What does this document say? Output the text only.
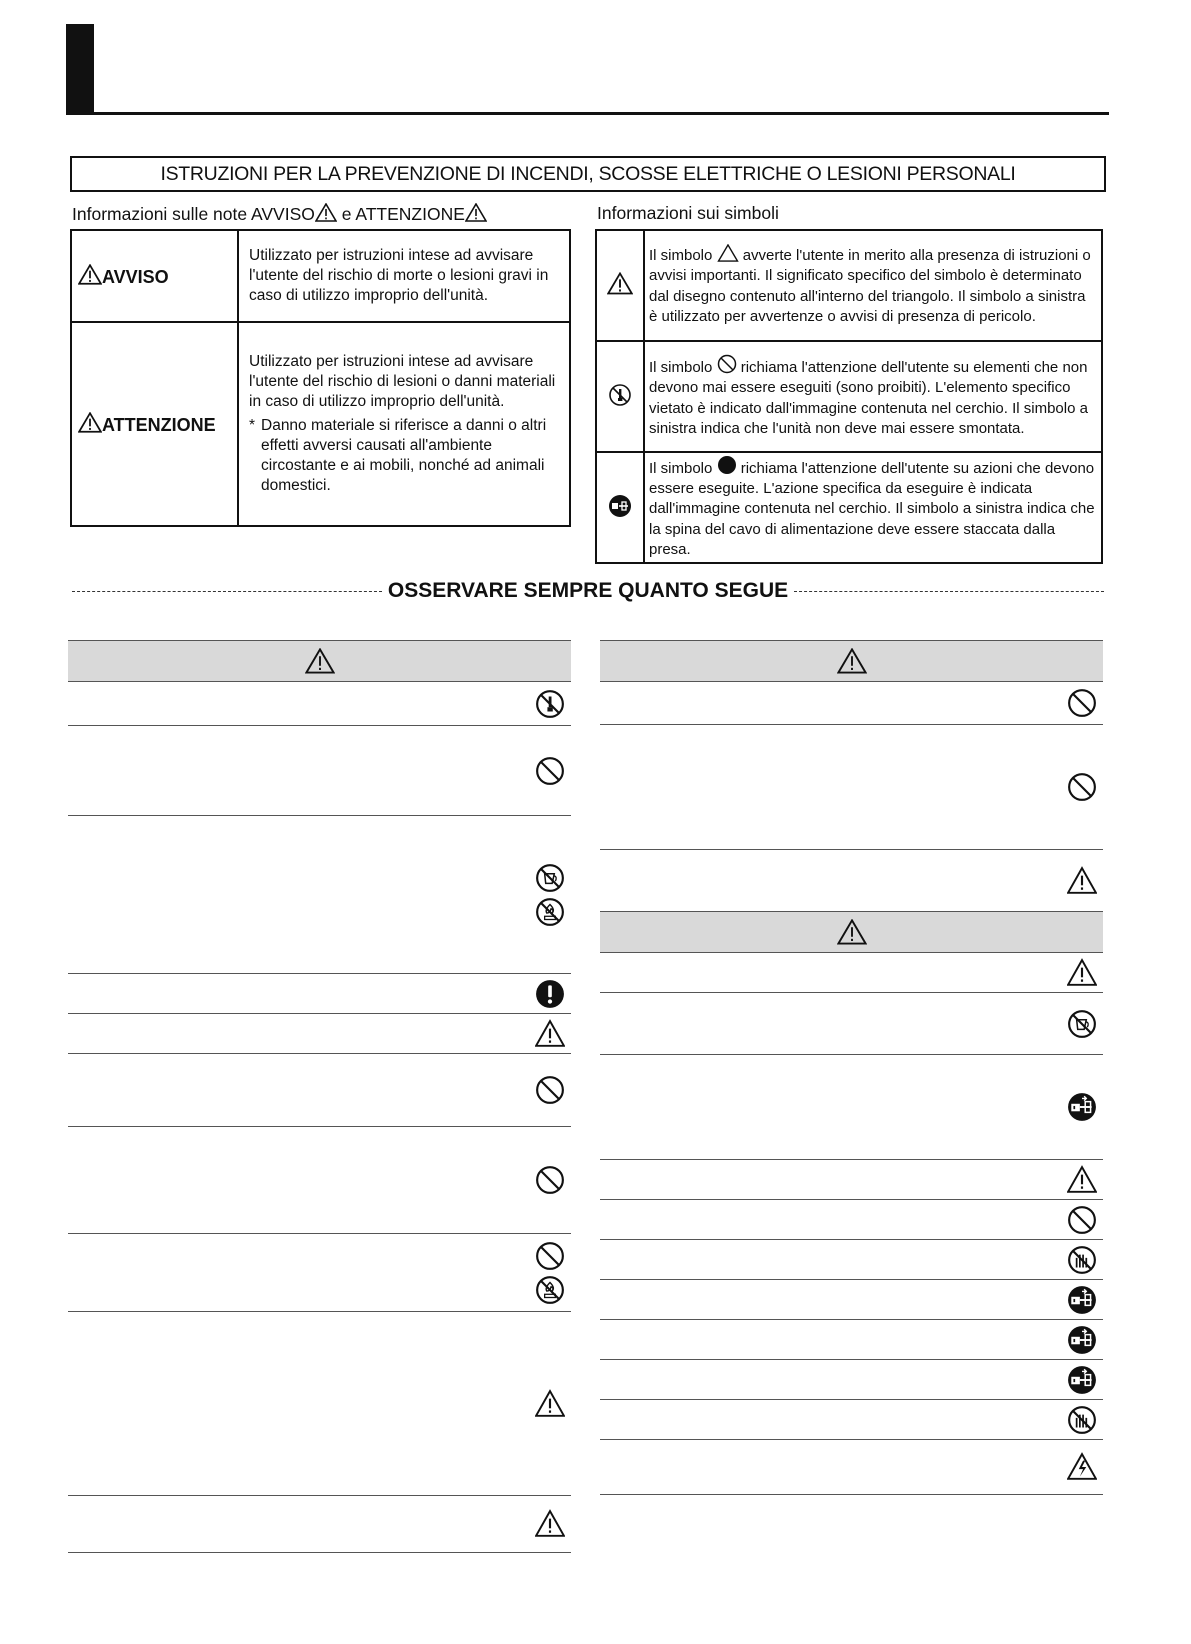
ISTRUZIONI PER LA PREVENZIONE DI INCENDI, SCOSSE ELETTRICHE O LESIONI PERSONALI
Informazioni sulle note AVVISO e ATTENZIONE
AVVISO	Utilizzato per istruzioni intese ad avvisare l'utente del rischio di morte o lesioni gravi in caso di utilizzo improprio dell'unità.
ATTENZIONE	Utilizzato per istruzioni intese ad avvisare l'utente del rischio di lesioni o danni materiali in caso di utilizzo improprio dell'unità.
* Danno materiale si riferisce a danni o altri effetti avversi causati all'ambiente circostante e ai mobili, nonché ad animali domestici.
Informazioni sui simboli
	Il simbolo  avverte l'utente in merito alla presenza di istruzioni o avvisi importanti. Il significato specifico del simbolo è determinato dal disegno contenuto all'interno del triangolo. Il simbolo a sinistra è utilizzato per avvertenze o avvisi di presenza di pericolo.
	Il simbolo  richiama l'attenzione dell'utente su elementi che non devono mai essere eseguiti (sono proibiti). L'elemento specifico vietato è indicato dall'immagine contenuta nel cerchio. Il simbolo a sinistra indica che l'unità non deve mai essere smontata.
	Il simbolo  richiama l'attenzione dell'utente su azioni che devono essere eseguite. L'azione specifica da eseguire è indicata dall'immagine contenuta nel cerchio. Il simbolo a sinistra indica che la spina del cavo di alimentazione deve essere staccata dalla presa.
OSSERVARE SEMPRE QUANTO SEGUE
